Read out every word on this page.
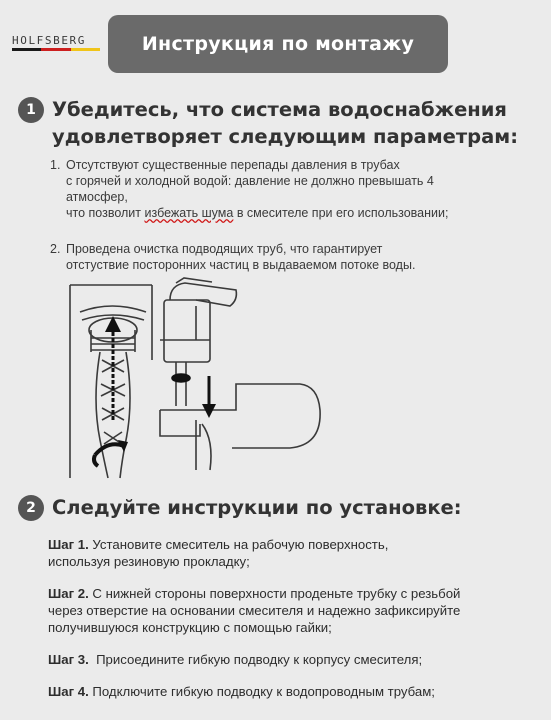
HOLFSBERG	Инструкция по монтажу
1 Убедитесь, что система водоснабжения удовлетворяет следующим параметрам:
1. Отсутствуют существенные перепады давления в трубах
с горячей и холодной водой: давление не должно превышать 4
атмосфер,
что позволит избежать шума в смесителе при его использовании;
2. Проведена очистка подводящих труб, что гарантирует
отстуствие посторонних частиц в выдаваемом потоке воды.
2 Следуйте инструкции по установке:
Шаг 1. Установите смеситель на рабочую поверхность,
используя резиновую прокладку;
Шаг 2. С нижней стороны поверхности проденьте трубку с резьбой
через отверстие на основании смесителя и надежно зафиксируйте
получившуюся конструкцию с помощью гайки;
Шаг 3.  Присоедините гибкую подводку к корпусу смесителя;
Шаг 4. Подключите гибкую подводку к водопроводным трубам;
